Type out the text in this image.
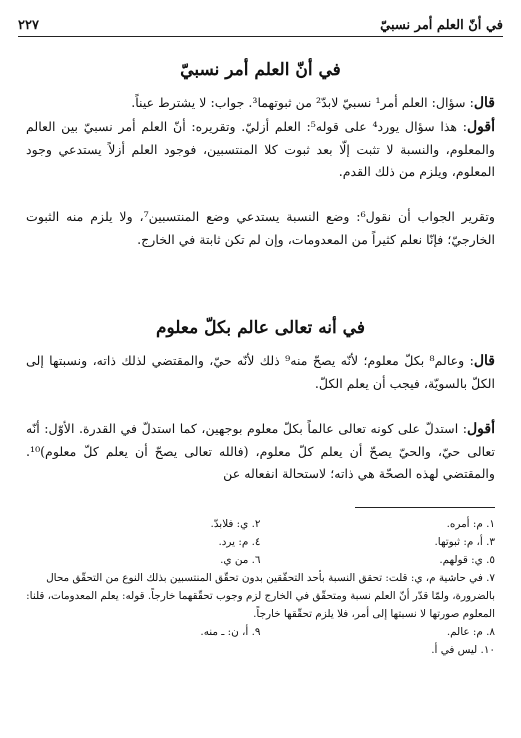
في أنّ العلم أمر نسبيّ
٢٢٧
في أنّ العلم أمر نسبيّ
قال: سؤال: العلم أمر¹ نسبيّ لابدّ² من ثبوتهما³. جواب: لا يشترط عيناً.
أقول: هذا سؤال يورد⁴ على قوله⁵: العلم أزليّ. وتقريره: أنّ العلم أمر نسبيّ بين العالم والمعلوم، والنسبة لا تثبت إلّا بعد ثبوت كلا المنتسبين، فوجود العلم أزلاً يستدعي وجود المعلوم، ويلزم من ذلك القدم.
وتقرير الجواب أن نقول⁶: وضع النسبة يستدعي وضع المنتسبين⁷، ولا يلزم منه الثبوت الخارجيّ؛ فإنّا نعلم كثيراً من المعدومات، وإن لم تكن ثابتة في الخارج.
في أنه تعالى عالم بكلّ معلوم
قال: وعالم⁸ بكلّ معلوم؛ لأنّه يصحّ منه⁹ ذلك لأنّه حيّ، والمقتضي لذلك ذاته، ونسبتها إلى الكلّ بالسويّة، فيجب أن يعلم الكلّ.
أقول: استدلّ على كونه تعالى عالماً بكلّ معلوم بوجهين، كما استدلّ في القدرة. الأوّل: أنّه تعالى حيّ، والحيّ يصحّ أن يعلم كلّ معلوم، (فالله تعالى يصحّ أن يعلم كلّ معلوم)¹⁰. والمقتضي لهذه الصحّة هي ذاته؛ لاستحالة انفعاله عن
١. م: أمره.
٢. ي: فلابدّ.
٣. أ، م: ثبوتها.
٤. م: يرد.
٥. ي: قولهم.
٦. من ي.
٧. في حاشية م، ي: قلت: تحقق النسبة بأحد التحقّقين بدون تحقّق المنتسبين بذلك النوع من التحقّق محال بالضرورة، ولمّا قدّر أنّ العلم نسبة ومتحقّق في الخارج لزم وجوب تحقّقهما خارجاً. قوله: يعلم المعدومات، قلنا: المعلوم صورتها لا نسبتها إلى أمر، فلا يلزم تحقّقها خارجاً.
٨. م: عالم.
٩. أ، ن: ـ منه.
١٠. ليس في أ.
